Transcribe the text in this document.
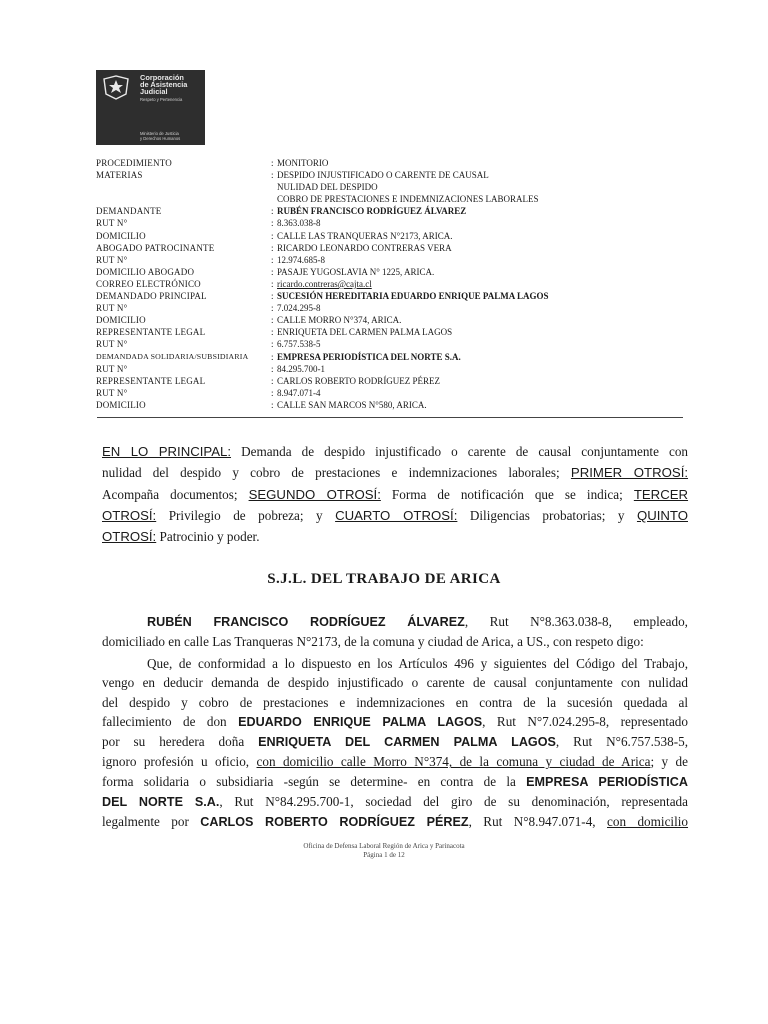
Corporación
de Asistencia
Judicial
Respeto y Pertenencia
Ministerio de Justicia
y Derechos Humanos
PROCEDIMIENTO	: MONITORIO
MATERIAS	: DESPIDO INJUSTIFICADO O CARENTE DE CAUSAL
NULIDAD DEL DESPIDO
COBRO DE PRESTACIONES E INDEMNIZACIONES LABORALES
DEMANDANTE	: RUBÉN FRANCISCO RODRÍGUEZ ÁLVAREZ
RUT N°	: 8.363.038-8
DOMICILIO	: CALLE LAS TRANQUERAS N°2173, ARICA.
ABOGADO PATROCINANTE	: RICARDO LEONARDO CONTRERAS VERA
RUT N°	: 12.974.685-8
DOMICILIO ABOGADO	: PASAJE YUGOSLAVIA N° 1225, ARICA.
CORREO ELECTRÓNICO	: ricardo.contreras@cajta.cl
DEMANDADO PRINCIPAL	: SUCESIÓN HEREDITARIA EDUARDO ENRIQUE PALMA LAGOS
RUT N°	: 7.024.295-8
DOMICILIO	: CALLE MORRO N°374, ARICA.
REPRESENTANTE LEGAL	: ENRIQUETA DEL CARMEN PALMA LAGOS
RUT N°	: 6.757.538-5
DEMANDADA SOLIDARIA/SUBSIDIARIA	: EMPRESA PERIODÍSTICA DEL NORTE S.A.
RUT N°	: 84.295.700-1
REPRESENTANTE LEGAL	: CARLOS ROBERTO RODRÍGUEZ PÉREZ
RUT N°	: 8.947.071-4
DOMICILIO	: CALLE SAN MARCOS N°580, ARICA.
EN LO PRINCIPAL: Demanda de despido injustificado o carente de causal conjuntamente con
nulidad del despido y cobro de prestaciones e indemnizaciones laborales; PRIMER OTROSÍ:
Acompaña documentos; SEGUNDO OTROSÍ: Forma de notificación que se indica; TERCER
OTROSÍ: Privilegio de pobreza; y CUARTO OTROSÍ: Diligencias probatorias; y QUINTO
OTROSÍ: Patrocinio y poder.
S.J.L. DEL TRABAJO DE ARICA
RUBÉN FRANCISCO RODRÍGUEZ ÁLVAREZ, Rut N°8.363.038-8, empleado,
domiciliado en calle Las Tranqueras N°2173, de la comuna y ciudad de Arica, a US., con respeto digo:
Que, de conformidad a lo dispuesto en los Artículos 496 y siguientes del Código del Trabajo,
vengo en deducir demanda de despido injustificado o carente de causal conjuntamente con nulidad
del despido y cobro de prestaciones e indemnizaciones en contra de la sucesión quedada al
fallecimiento de don EDUARDO ENRIQUE PALMA LAGOS, Rut N°7.024.295-8, representado
por su heredera doña ENRIQUETA DEL CARMEN PALMA LAGOS, Rut N°6.757.538-5,
ignoro profesión u oficio, con domicilio calle Morro N°374, de la comuna y ciudad de Arica; y de
forma solidaria o subsidiaria -según se determine- en contra de la EMPRESA PERIODÍSTICA
DEL NORTE S.A., Rut N°84.295.700-1, sociedad del giro de su denominación, representada
legalmente por CARLOS ROBERTO RODRÍGUEZ PÉREZ, Rut N°8.947.071-4, con domicilio
Oficina de Defensa Laboral Región de Arica y Parinacota
Página 1 de 12
